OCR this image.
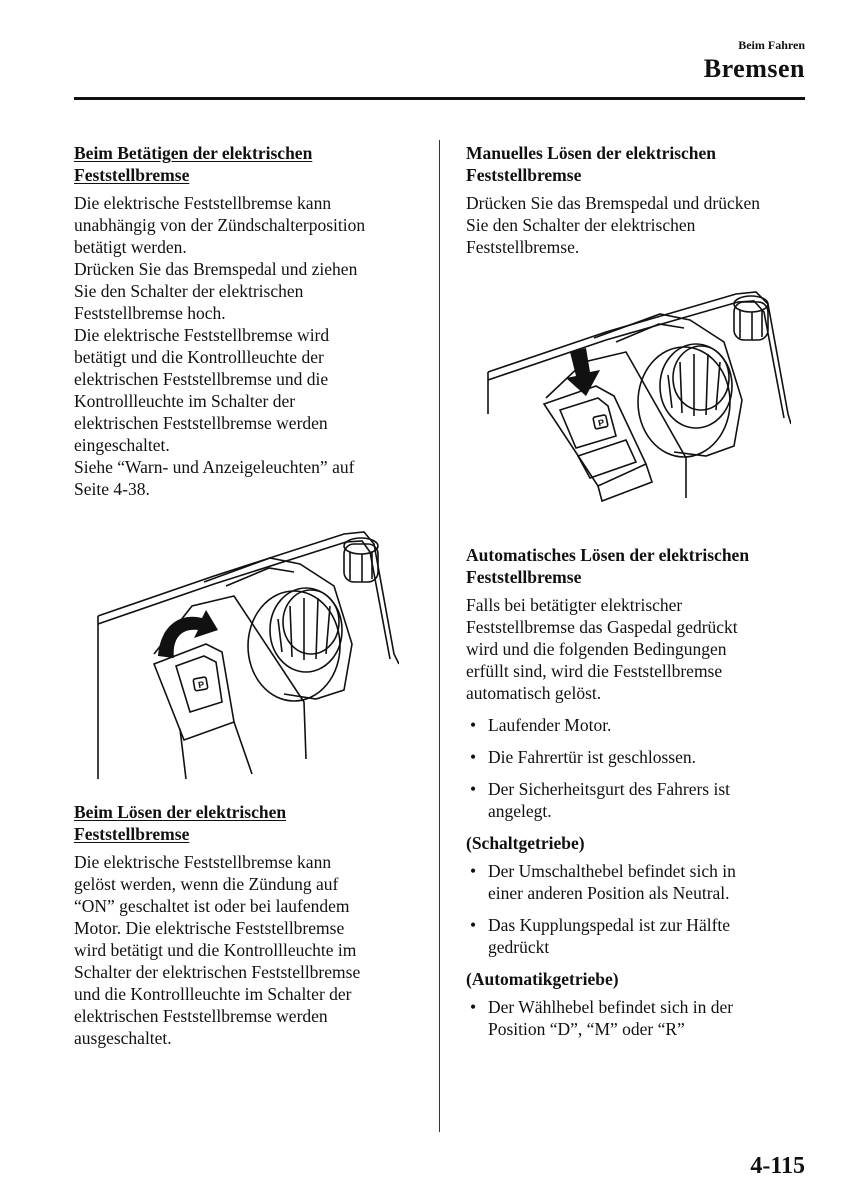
Beim Fahren
Bremsen
Beim Betätigen der elektrischen
Feststellbremse

Die elektrische Feststellbremse kann
unabhängig von der Zündschalterposition
betätigt werden.
Drücken Sie das Bremspedal und ziehen
Sie den Schalter der elektrischen
Feststellbremse hoch.
Die elektrische Feststellbremse wird
betätigt und die Kontrollleuchte der
elektrischen Feststellbremse und die
Kontrollleuchte im Schalter der
elektrischen Feststellbremse werden
eingeschaltet.
Siehe “Warn- und Anzeigeleuchten” auf
Seite 4-38.

P
Beim Lösen der elektrischen
Feststellbremse

Die elektrische Feststellbremse kann
gelöst werden, wenn die Zündung auf
“ON” geschaltet ist oder bei laufendem
Motor. Die elektrische Feststellbremse
wird betätigt und die Kontrollleuchte im
Schalter der elektrischen Feststellbremse
und die Kontrollleuchte im Schalter der
elektrischen Feststellbremse werden
ausgeschaltet.

Manuelles Lösen der elektrischen
Feststellbremse

Drücken Sie das Bremspedal und drücken
Sie den Schalter der elektrischen
Feststellbremse.

P
Automatisches Lösen der elektrischen
Feststellbremse

Falls bei betätigter elektrischer
Feststellbremse das Gaspedal gedrückt
wird und die folgenden Bedingungen
erfüllt sind, wird die Feststellbremse
automatisch gelöst.

• Laufender Motor.
• Die Fahrertür ist geschlossen.
• Der Sicherheitsgurt des Fahrers ist
angelegt.
(Schaltgetriebe)
• Der Umschalthebel befindet sich in
einer anderen Position als Neutral.
• Das Kupplungspedal ist zur Hälfte
gedrückt
(Automatikgetriebe)
• Der Wählhebel befindet sich in der
Position “D”, “M” oder “R”
4-115
